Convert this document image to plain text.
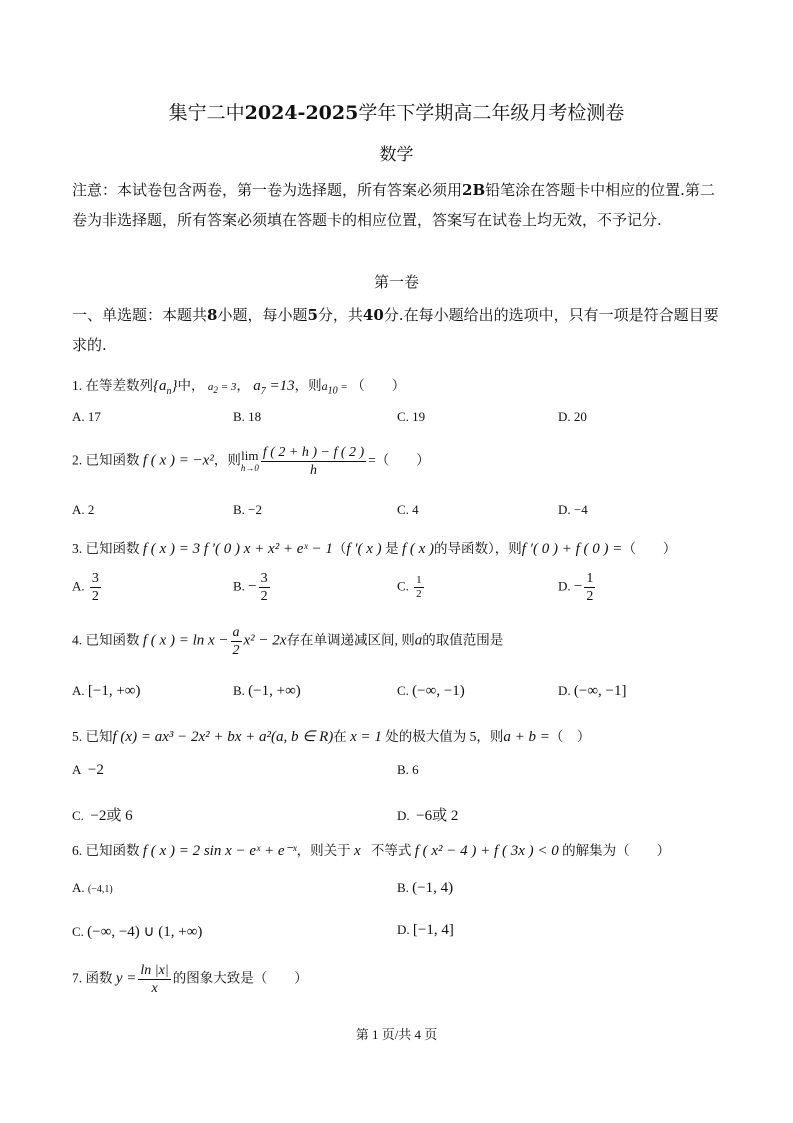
集宁二中2024-2025学年下学期高二年级月考检测卷
数学
注意：本试卷包含两卷，第一卷为选择题，所有答案必须用2B铅笔涂在答题卡中相应的位置.第二卷为非选择题，所有答案必须填在答题卡的相应位置，答案写在试卷上均无效，不予记分.
第一卷
一、单选题：本题共8小题，每小题5分，共40分.在每小题给出的选项中，只有一项是符合题目要求的.
1. 在等差数列$\{a_n\}$中， $a_2 = 3$， $a_7 =13$，则$a_{10}$ = （　　）
A. 17	B. 18	C. 19	D. 20
2. 已知函数 f ( x ) = −x²，则lim
$h\to 0 \frac{f ( 2 + h ) - f ( 2 )}{h}$ =（　　）
A. 2	B. −2	C. 4	D. −4
3. 已知函数 f ( x ) = 3 f ′( 0 ) x + x² + eˣ − 1（f ′( x ) 是 f ( x )的导函数），则f ′( 0 ) + f ( 0 ) =（　　）
A. $\frac{3}{2}$	B. − $\frac{3}{2}$	C. $\frac{1}{2}$	D. − $\frac{1}{2}$
4. 已知函数 f ( x ) = $\ln x - \frac{a}{2} x^2 - 2x$存在单调递减区间, 则a的取值范围是
A. [−1, +∞)	B. (−1, +∞)	C. (−∞, −1)	D. (−∞, −1]
5. 已知f (x) = ax³ − 2x² + bx + a²(a, b ∈ R)在 x = 1 处的极大值为 5，则a + b =（　）
A −2	B. 6
C. −2或 6	D. −6或 2
6. 已知函数 f ( x ) = 2 sin x − eˣ + e⁻ˣ，则关于 x 不等式 f ( x² − 4 ) + f ( 3x ) < 0 的解集为（　　）
A. (−4,1)	B. (−1, 4)
C. (−∞, −4) ∪ (1, +∞)	D. [−1, 4]
7. 函数 $y = \frac{\ln |x|}{x}$ 的图象大致是（　　）
第 1 页/共 4 页
